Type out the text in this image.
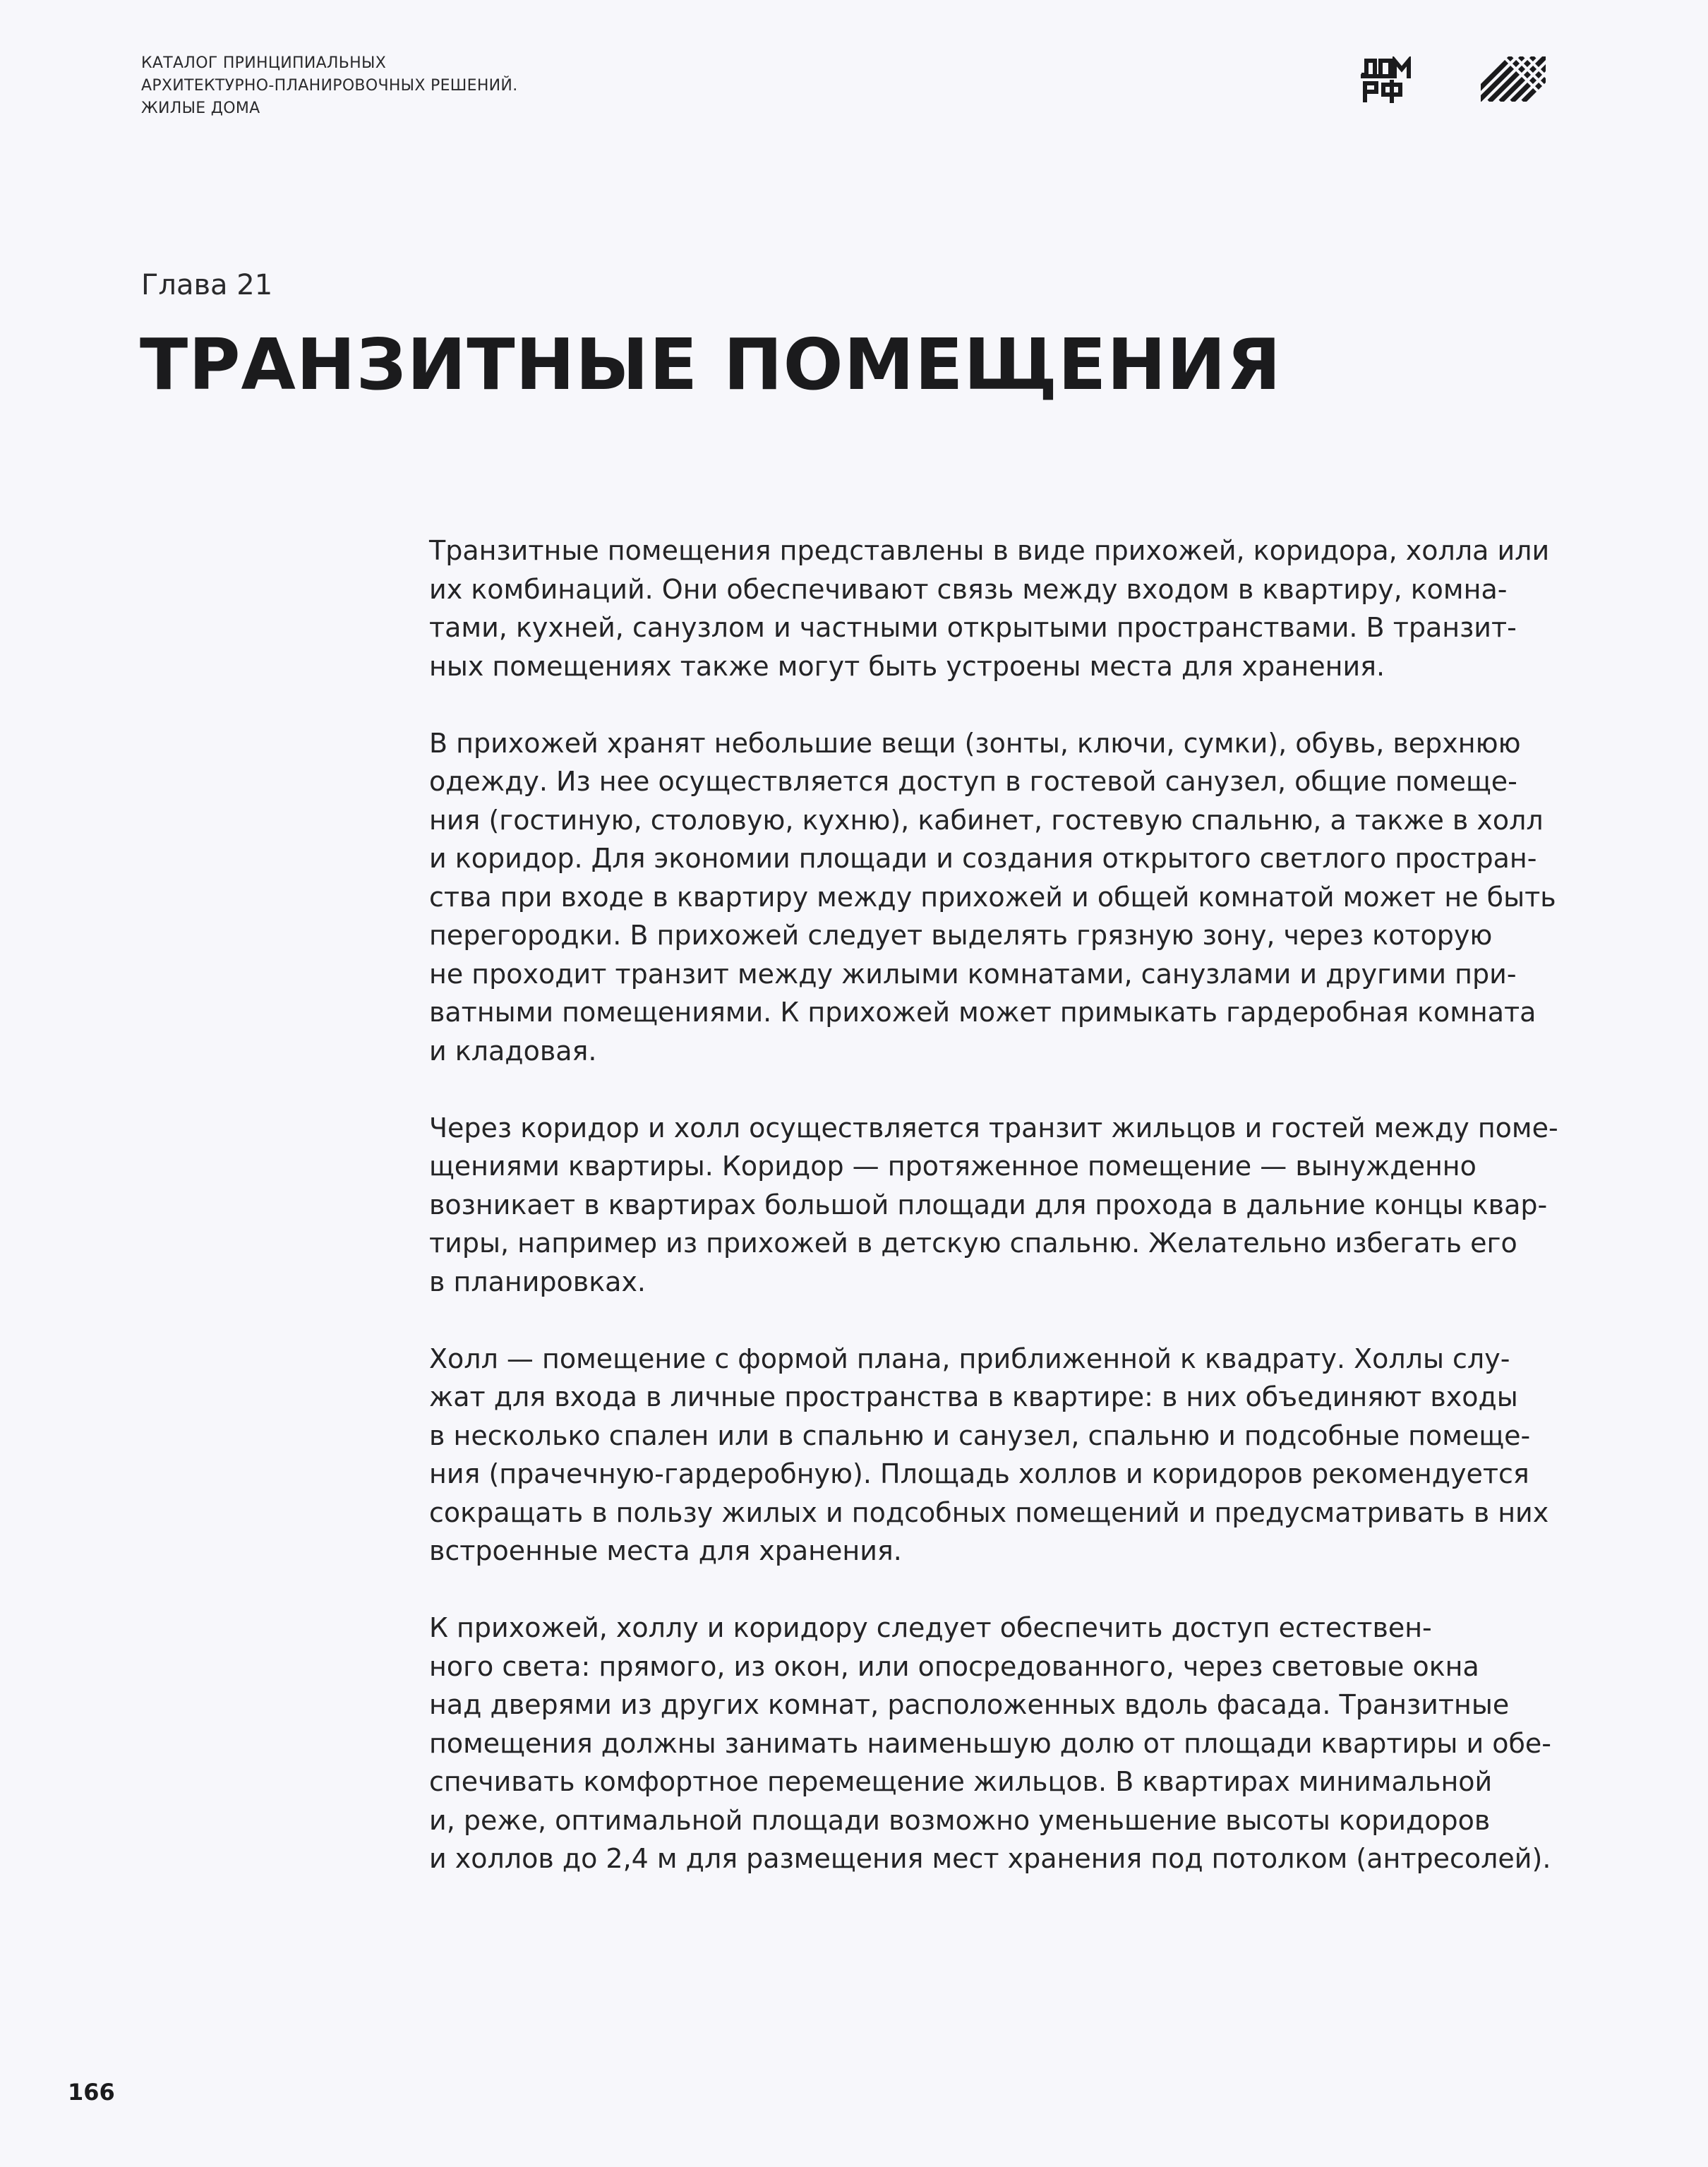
КАТАЛОГ ПРИНЦИПИАЛЬНЫХ
АРХИТЕКТУРНО-ПЛАНИРОВОЧНЫХ РЕШЕНИЙ.
ЖИЛЫЕ ДОМА
Глава 21
ТРАНЗИТНЫЕ ПОМЕЩЕНИЯ

Транзитные помещения представлены в виде прихожей, коридора, холла или
их комбинаций. Они обеспечивают связь между входом в квартиру, комна-
тами, кухней, санузлом и частными открытыми пространствами. В транзит-
ных помещениях также могут быть устроены места для хранения.

В прихожей хранят небольшие вещи (зонты, ключи, сумки), обувь, верхнюю
одежду. Из нее осуществляется доступ в гостевой санузел, общие помеще-
ния (гостиную, столовую, кухню), кабинет, гостевую спальню, а также в холл
и коридор. Для экономии площади и создания открытого светлого простран-
ства при входе в квартиру между прихожей и общей комнатой может не быть
перегородки. В прихожей следует выделять грязную зону, через которую
не проходит транзит между жилыми комнатами, санузлами и другими при-
ватными помещениями. К прихожей может примыкать гардеробная комната
и кладовая.

Через коридор и холл осуществляется транзит жильцов и гостей между поме-
щениями квартиры. Коридор — протяженное помещение — вынужденно
возникает в квартирах большой площади для прохода в дальние концы квар-
тиры, например из прихожей в детскую спальню. Желательно избегать его
в планировках.

Холл — помещение с формой плана, приближенной к квадрату. Холлы слу-
жат для входа в личные пространства в квартире: в них объединяют входы
в несколько спален или в спальню и санузел, спальню и подсобные помеще-
ния (прачечную-гардеробную). Площадь холлов и коридоров рекомендуется
сокращать в пользу жилых и подсобных помещений и предусматривать в них
встроенные места для хранения.

К прихожей, холлу и коридору следует обеспечить доступ естествен-
ного света: прямого, из окон, или опосредованного, через световые окна
над дверями из других комнат, расположенных вдоль фасада. Транзитные
помещения должны занимать наименьшую долю от площади квартиры и обе-
спечивать комфортное перемещение жильцов. В квартирах минимальной
и, реже, оптимальной площади возможно уменьшение высоты коридоров
и холлов до 2,4 м для размещения мест хранения под потолком (антресолей).

166
